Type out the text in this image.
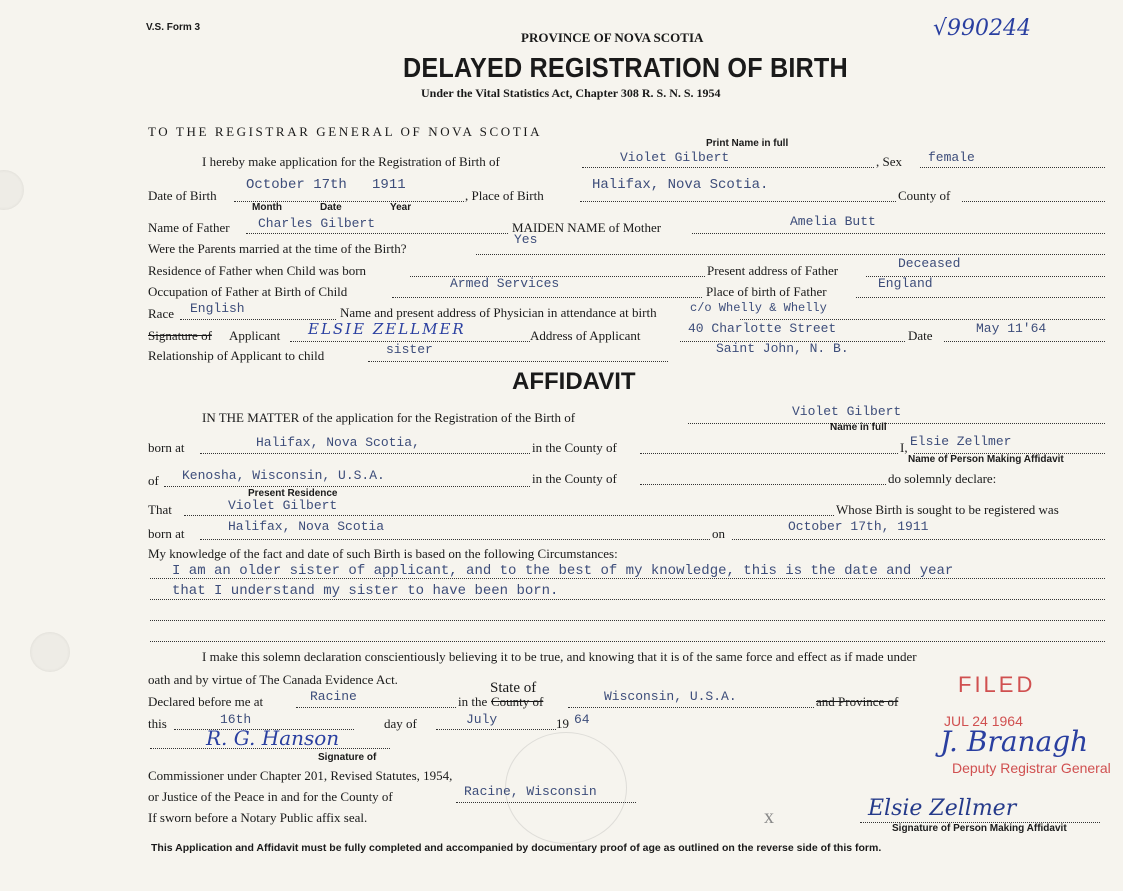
V.S. Form 3	√990244
PROVINCE OF NOVA SCOTIA
DELAYED REGISTRATION OF BIRTH
Under the Vital Statistics Act, Chapter 308 R. S. N. S. 1954
TO THE REGISTRAR GENERAL OF NOVA SCOTIA
I hereby make application for the Registration of Birth of	Violet Gilbert
Print Name in full
, Sex female
Date of Birth
October 17th   1911
Month	Date	Year
, Place of Birth
Halifax, Nova Scotia.
County of
Name of Father Charles Gilbert	MAIDEN NAME of Mother	Amelia Butt
Were the Parents married at the time of the Birth?
Yes
Residence of Father when Child was born	Present address of Father	Deceased
Occupation of Father at Birth of Child
Armed Services
Place of birth of Father
England
Race English	Name and present address of Physician in attendance at birth	c/o Whelly & Whelly
Signature of Applicant ELSIE ZELLMER	Address of Applicant	40 Charlotte Street	Date	May 11'64
Relationship of Applicant to child	sister	Saint John, N. B.
AFFIDAVIT
IN THE MATTER of the application for the Registration of the Birth of	Violet Gilbert
Name in full
born at	Halifax, Nova Scotia,	in the County of	I, Elsie Zellmer
Name of Person Making Affidavit
of Kenosha, Wisconsin, U.S.A.
Present Residence
in the County of	do solemnly declare:
That	Violet Gilbert	Whose Birth is sought to be registered was
born at	Halifax, Nova Scotia	on	October 17th, 1911
My knowledge of the fact and date of such Birth is based on the following Circumstances:
I am an older sister of applicant, and to the best of my knowledge, this is the date and year
that I understand my sister to have been born.
I make this solemn declaration conscientiously believing it to be true, and knowing that it is of the same force and effect as if made under
oath and by virtue of The Canada Evidence Act.
Declared before me at	Racine	in the
State of
County of	Wisconsin, U.S.A.	and Province of
FILED
this	16th	day of	July	19 64	JUL 24 1964
R. G. Hanson
Signature of
Commissioner under Chapter 201, Revised Statutes, 1954,
or Justice of the Peace in and for the County of	Racine, Wisconsin
If sworn before a Notary Public affix seal.	x
J. Branagh
Deputy Registrar General
Elsie Zellmer
Signature of Person Making Affidavit
This Application and Affidavit must be fully completed and accompanied by documentary proof of age as outlined on the reverse side of this form.
